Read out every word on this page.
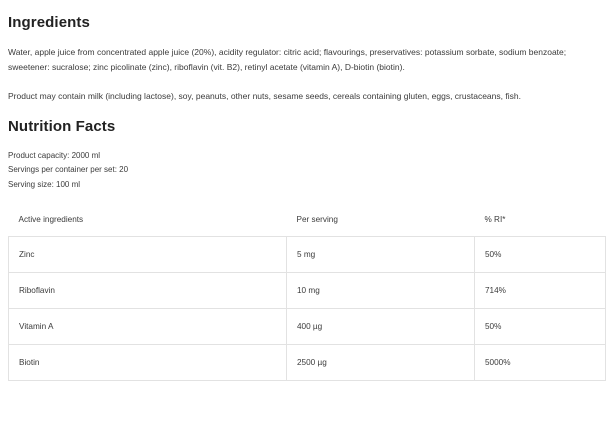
Ingredients

Water, apple juice from concentrated apple juice (20%), acidity regulator: citric acid; flavourings, preservatives: potassium sorbate, sodium benzoate; sweetener: sucralose; zinc picolinate (zinc), riboflavin (vit. B2), retinyl acetate (vitamin A), D-biotin (biotin).

Product may contain milk (including lactose), soy, peanuts, other nuts, sesame seeds, cereals containing gluten, eggs, crustaceans, fish.

Nutrition Facts
Product capacity: 2000 ml
Servings per container per set: 20
Serving size: 100 ml
Active ingredients	Per serving	% RI*
Zinc	5 mg	50%
Riboflavin	10 mg	714%
Vitamin A	400 µg	50%
Biotin	2500 µg	5000%
